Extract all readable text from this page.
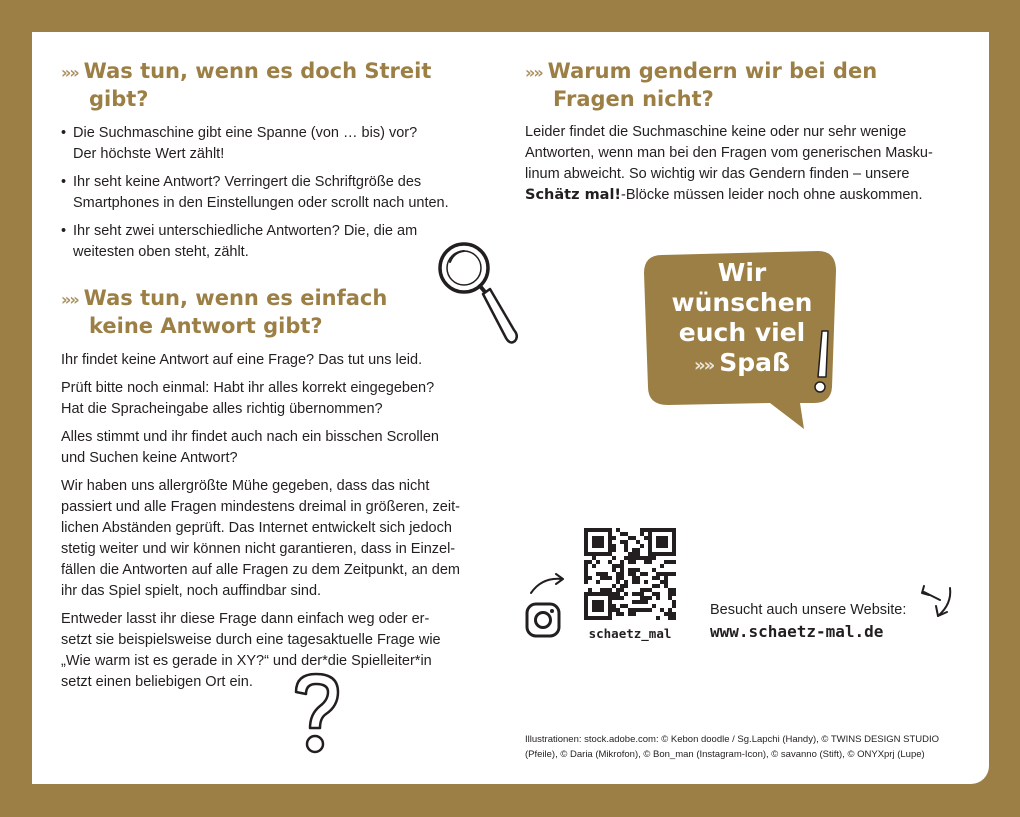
»» Was tun, wenn es doch Streit gibt?
• Die Suchmaschine gibt eine Spanne (von … bis) vor?
Der höchste Wert zählt!
• Ihr seht keine Antwort? Verringert die Schriftgröße des
Smartphones in den Einstellungen oder scrollt nach unten.
• Ihr seht zwei unterschiedliche Antworten? Die, die am
weitesten oben steht, zählt.
»» Was tun, wenn es einfach keine Antwort gibt?

Ihr findet keine Antwort auf eine Frage? Das tut uns leid.

Prüft bitte noch einmal: Habt ihr alles korrekt eingegeben?
Hat die Spracheingabe alles richtig übernommen?

Alles stimmt und ihr findet auch nach ein bisschen Scrollen
und Suchen keine Antwort?

Wir haben uns allergrößte Mühe gegeben, dass das nicht
passiert und alle Fragen mindestens dreimal in größeren, zeit-
lichen Abständen geprüft. Das Internet entwickelt sich jedoch
stetig weiter und wir können nicht garantieren, dass in Einzel-
fällen die Antworten auf alle Fragen zu dem Zeitpunkt, an dem
ihr das Spiel spielt, noch auffindbar sind.

Entweder lasst ihr diese Frage dann einfach weg oder er-
setzt sie beispielsweise durch eine tagesaktuelle Frage wie
„Wie warm ist es gerade in XY?“ und der*die Spielleiter*in
setzt einen beliebigen Ort ein.

»» Warum gendern wir bei den Fragen nicht?

Leider findet die Suchmaschine keine oder nur sehr wenige
Antworten, wenn man bei den Fragen vom generischen Masku-
linum abweicht. So wichtig wir das Gendern finden – unsere
Schätz mal!-Blöcke müssen leider noch ohne auskommen.

Wir
wünschen
euch viel
»» Spaß
schaetz_mal
Besucht auch unsere Website:
www.schaetz-mal.de
Illustrationen: stock.adobe.com: © Kebon doodle / Sg.Lapchi (Handy), © TWINS DESIGN STUDIO
(Pfeile), © Daria (Mikrofon), © Bon_man (Instagram-Icon), © savanno (Stift), © ONYXprj (Lupe)
